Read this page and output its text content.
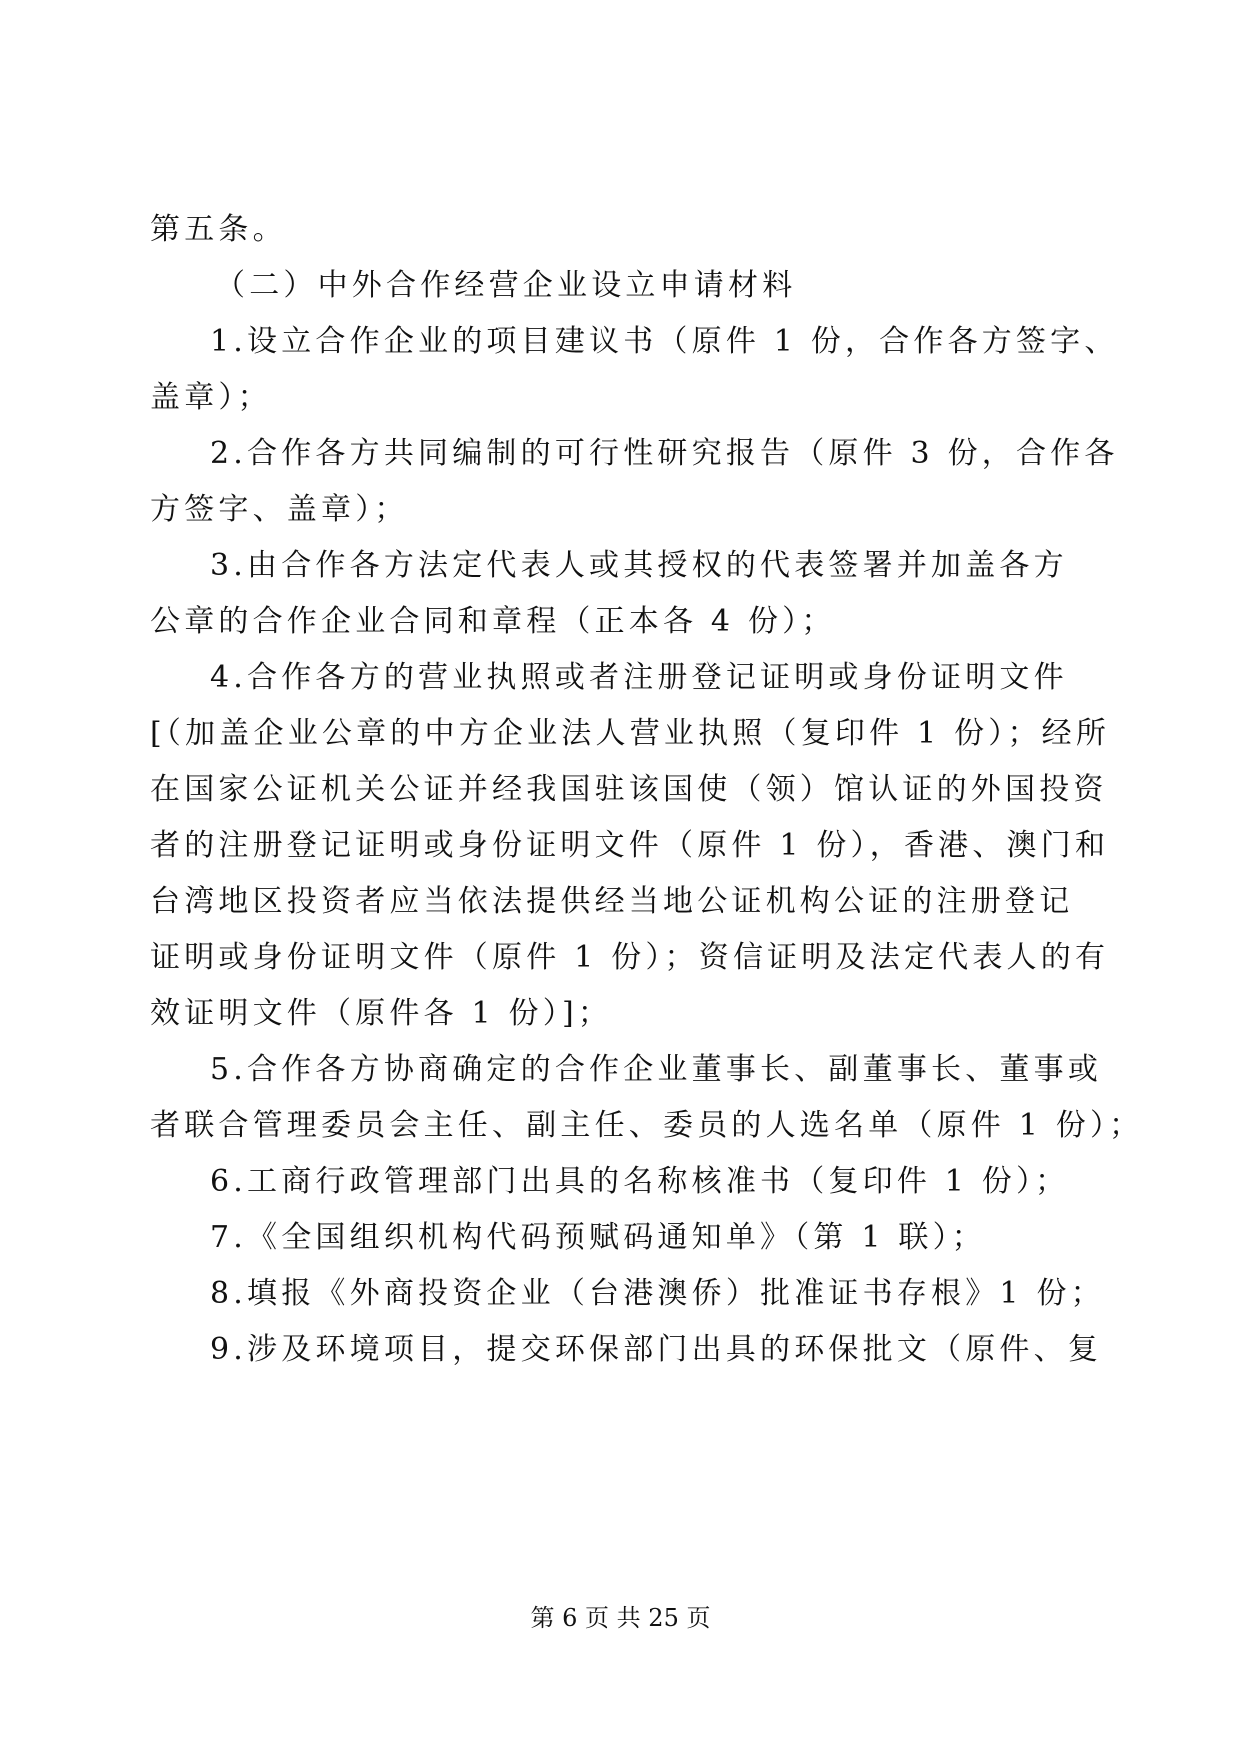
第五条。
（二）中外合作经营企业设立申请材料
1.设立合作企业的项目建议书（原件 1 份，合作各方签字、
盖章）；
2.合作各方共同编制的可行性研究报告（原件 3 份，合作各
方签字、盖章）；
3.由合作各方法定代表人或其授权的代表签署并加盖各方
公章的合作企业合同和章程（正本各 4 份）；
4.合作各方的营业执照或者注册登记证明或身份证明文件
[（加盖企业公章的中方企业法人营业执照（复印件 1 份）；经所
在国家公证机关公证并经我国驻该国使（领）馆认证的外国投资
者的注册登记证明或身份证明文件（原件 1 份），香港、澳门和
台湾地区投资者应当依法提供经当地公证机构公证的注册登记
证明或身份证明文件（原件 1 份）；资信证明及法定代表人的有
效证明文件（原件各 1 份）]；
5.合作各方协商确定的合作企业董事长、副董事长、董事或
者联合管理委员会主任、副主任、委员的人选名单（原件 1 份）；
6.工商行政管理部门出具的名称核准书（复印件 1 份）；
7.《全国组织机构代码预赋码通知单》（第 1 联）；
8.填报《外商投资企业（台港澳侨）批准证书存根》1 份；
9.涉及环境项目，提交环保部门出具的环保批文（原件、复
第 6 页 共 25 页
